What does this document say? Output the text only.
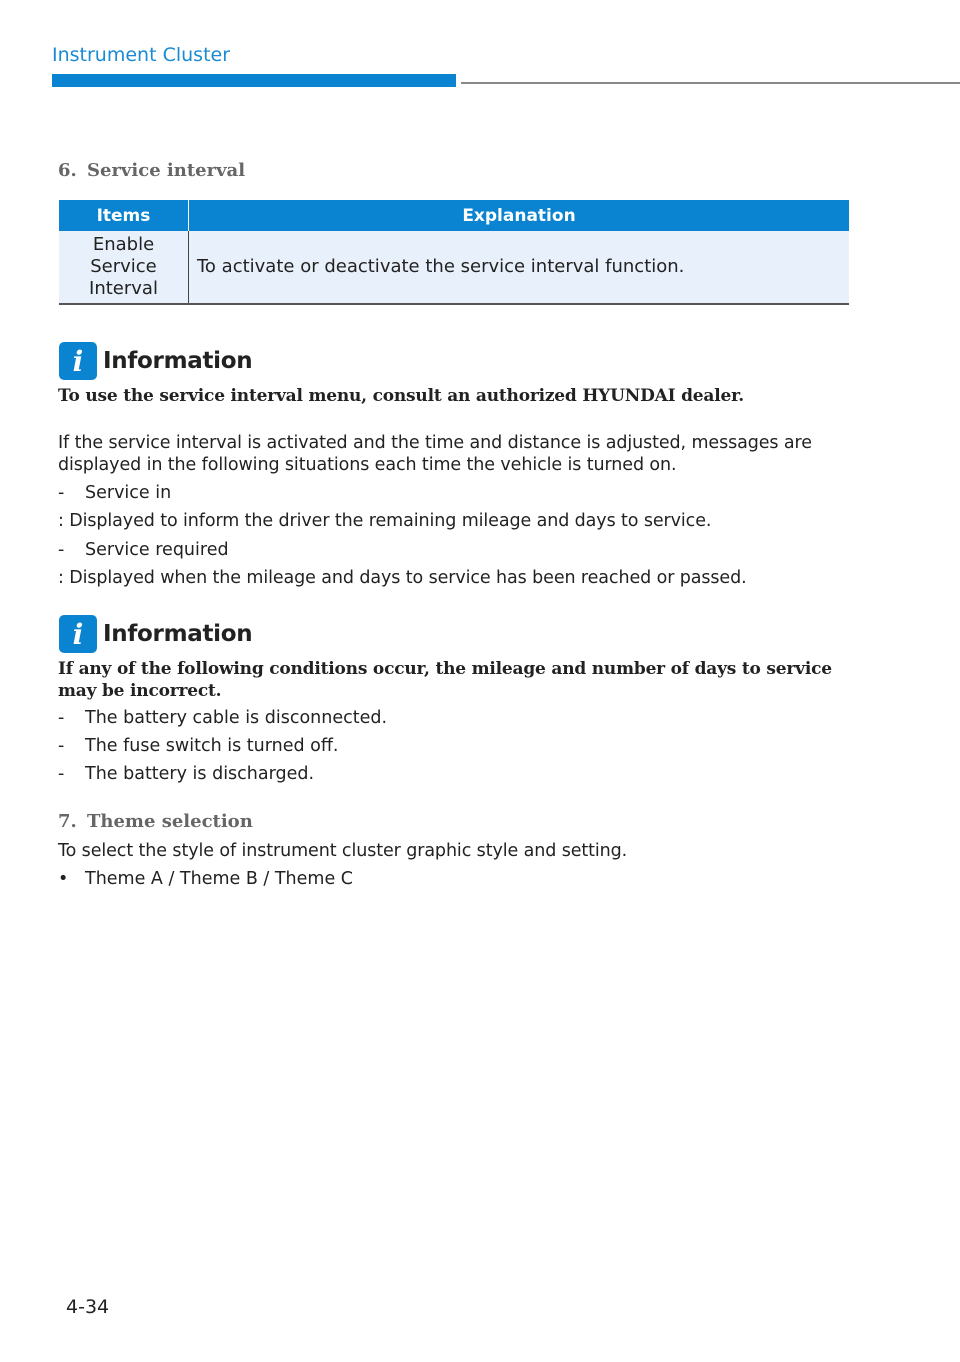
Instrument Cluster
6. Service interval
Items	Explanation
Enable Service Interval	To activate or deactivate the service interval function.
i Information
To use the service interval menu, consult an authorized HYUNDAI dealer.
If the service interval is activated and the time and distance is adjusted, messages are displayed in the following situations each time the vehicle is turned on.
- Service in
: Displayed to inform the driver the remaining mileage and days to service.
- Service required
: Displayed when the mileage and days to service has been reached or passed.
i Information
If any of the following conditions occur, the mileage and number of days to service may be incorrect.
- The battery cable is disconnected.
- The fuse switch is turned off.
- The battery is discharged.
7. Theme selection
To select the style of instrument cluster graphic style and setting.
• Theme A / Theme B / Theme C
4-34
